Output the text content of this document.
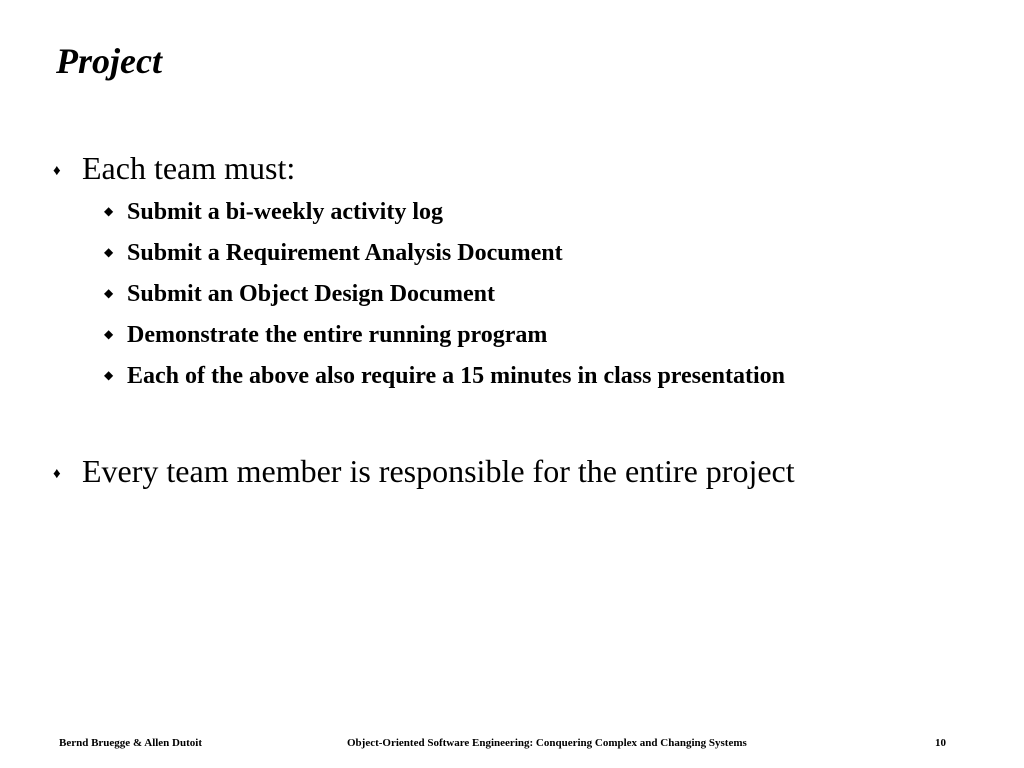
Project
♦ Each team must:
◆ Submit a bi-weekly activity log
◆ Submit a Requirement Analysis Document
◆ Submit an Object Design Document
◆ Demonstrate the entire running program
◆ Each of the above also require a 15 minutes in class presentation
♦ Every team member is responsible for the entire project
Bernd Bruegge & Allen Dutoit	Object-Oriented Software Engineering: Conquering Complex and Changing Systems	10
